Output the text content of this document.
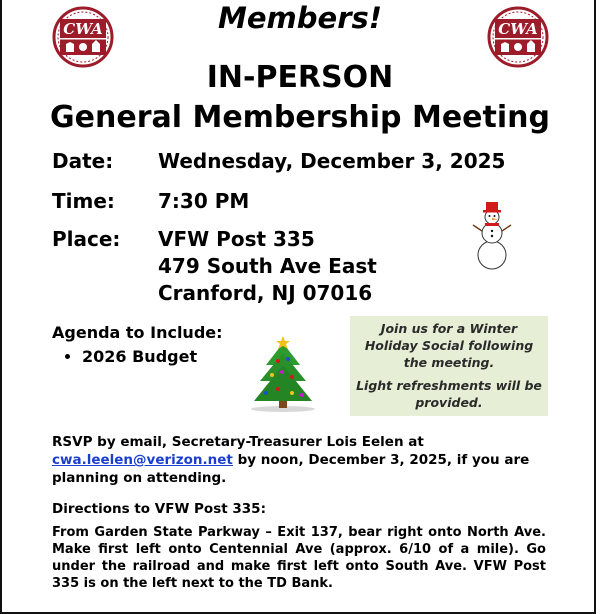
CWA	CWA
Members!
IN-PERSON
General Membership Meeting
Date: Wednesday, December 3, 2025
Time: 7:30 PM
Place: VFW Post 335
479 South Ave East
Cranford, NJ 07016
Agenda to Include:
• 2026 Budget

Join us for a Winter Holiday Social following the meeting.

Light refreshments will be provided.

RSVP by email, Secretary-Treasurer Lois Eelen at
cwa.leelen@verizon.net by noon, December 3, 2025, if you are planning on attending.
Directions to VFW Post 335:
From Garden State Parkway – Exit 137, bear right onto North Ave. Make first left onto Centennial Ave (approx. 6/10 of a mile). Go under the railroad and make first left onto South Ave. VFW Post 335 is on the left next to the TD Bank.
